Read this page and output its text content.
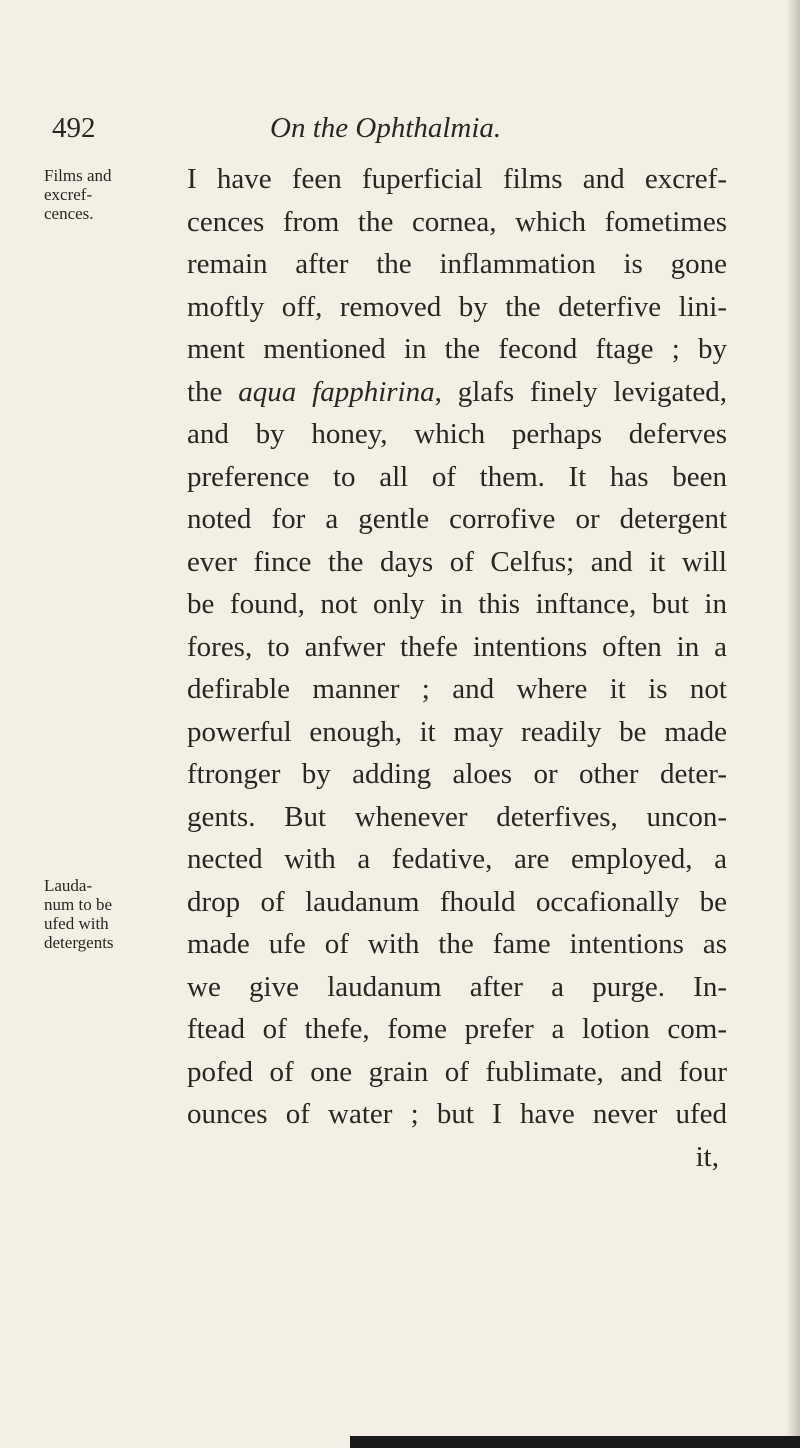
492	On the Ophthalmia.
Films and
excref-
cences.
Lauda-
num to be
ufed with
detergents
I have feen fuperficial films and excref-
cences from the cornea, which fometimes
remain after the inflammation is gone
moftly off, removed by the deterfive lini-
ment mentioned in the fecond ftage ; by
the aqua fapphirina, glafs finely levigated,
and by honey, which perhaps deferves
preference to all of them. It has been
noted for a gentle corrofive or detergent
ever fince the days of Celfus; and it will
be found, not only in this inftance, but in
fores, to anfwer thefe intentions often in a
defirable manner ; and where it is not
powerful enough, it may readily be made
ftronger by adding aloes or other deter-
gents. But whenever deterfives, uncon-
nected with a fedative, are employed, a
drop of laudanum fhould occafionally be
made ufe of with the fame intentions as
we give laudanum after a purge. In-
ftead of thefe, fome prefer a lotion com-
pofed of one grain of fublimate, and four
ounces of water ; but I have never ufed
it,
